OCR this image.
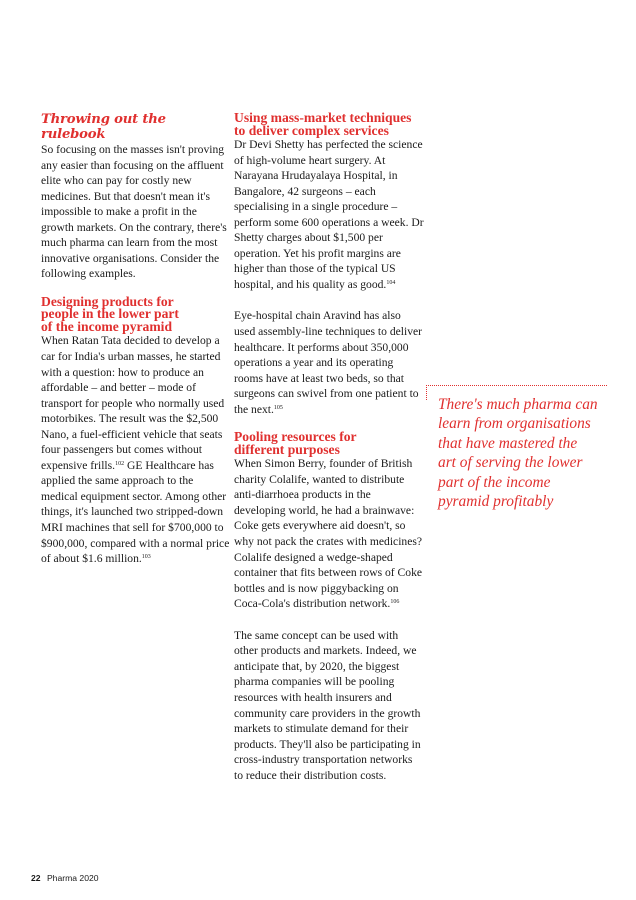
Throwing out the rulebook

So focusing on the masses isn't proving any easier than focusing on the affluent elite who can pay for costly new medicines. But that doesn't mean it's impossible to make a profit in the growth markets. On the contrary, there's much pharma can learn from the most innovative organisations. Consider the following examples.

Designing products for
people in the lower part
of the income pyramid

When Ratan Tata decided to develop a car for India's urban masses, he started with a question: how to produce an affordable – and better – mode of transport for people who normally used motorbikes. The result was the $2,500 Nano, a fuel-efficient vehicle that seats four passengers but comes without expensive frills.$^{102}$ GE Healthcare has applied the same approach to the medical equipment sector. Among other things, it's launched two stripped-down MRI machines that sell for $700,000 to $900,000, compared with a normal price of about $1.6 million.$^{103}$

Using mass-market techniques
to deliver complex services

Dr Devi Shetty has perfected the science of high-volume heart surgery. At Narayana Hrudayalaya Hospital, in Bangalore, 42 surgeons – each specialising in a single procedure – perform some 600 operations a week. Dr Shetty charges about $1,500 per operation. Yet his profit margins are higher than those of the typical US hospital, and his quality as good.$^{104}$

Eye-hospital chain Aravind has also used assembly-line techniques to deliver healthcare. It performs about 350,000 operations a year and its operating rooms have at least two beds, so that surgeons can swivel from one patient to the next.$^{105}$

Pooling resources for
different purposes

When Simon Berry, founder of British charity Colalife, wanted to distribute anti-diarrhoea products in the developing world, he had a brainwave: Coke gets everywhere aid doesn't, so why not pack the crates with medicines? Colalife designed a wedge-shaped container that fits between rows of Coke bottles and is now piggybacking on Coca-Cola's distribution network.$^{106}$

The same concept can be used with other products and markets. Indeed, we anticipate that, by 2020, the biggest pharma companies will be pooling resources with health insurers and community care providers in the growth markets to stimulate demand for their products. They'll also be participating in cross-industry transportation networks to reduce their distribution costs.

There's much pharma can
learn from organisations
that have mastered the
art of serving the lower
part of the income
pyramid profitably

22 Pharma 2020
